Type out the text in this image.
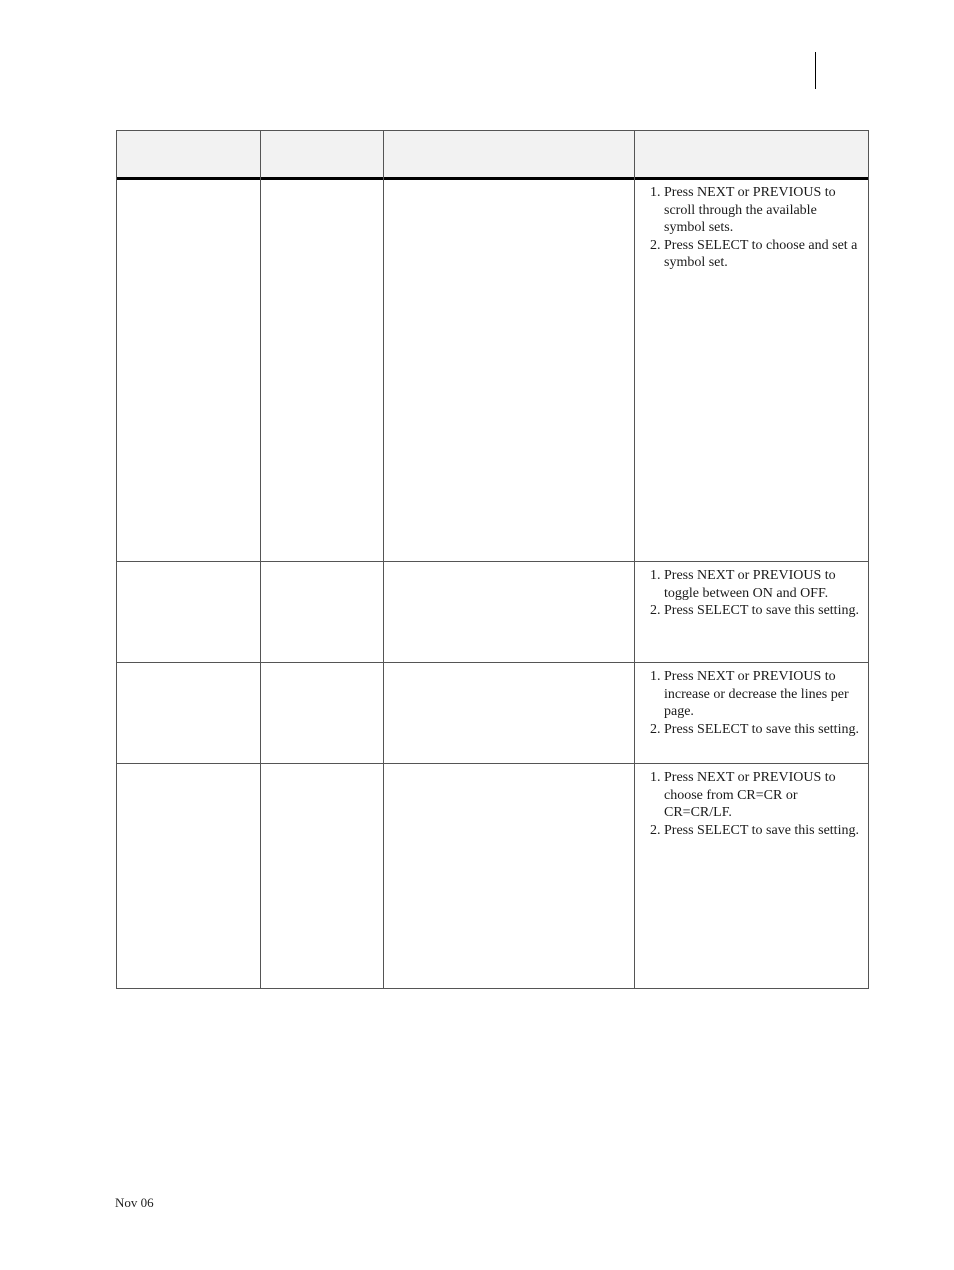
1. Press NEXT or PREVIOUS to scroll through the available symbol sets.
2. Press SELECT to choose and set a symbol set.
1. Press NEXT or PREVIOUS to toggle between ON and OFF.
2. Press SELECT to save this setting.
1. Press NEXT or PREVIOUS to increase or decrease the lines per page.
2. Press SELECT to save this setting.
1. Press NEXT or PREVIOUS to choose from CR=CR or CR=CR/LF.
2. Press SELECT to save this setting.
Nov 06
